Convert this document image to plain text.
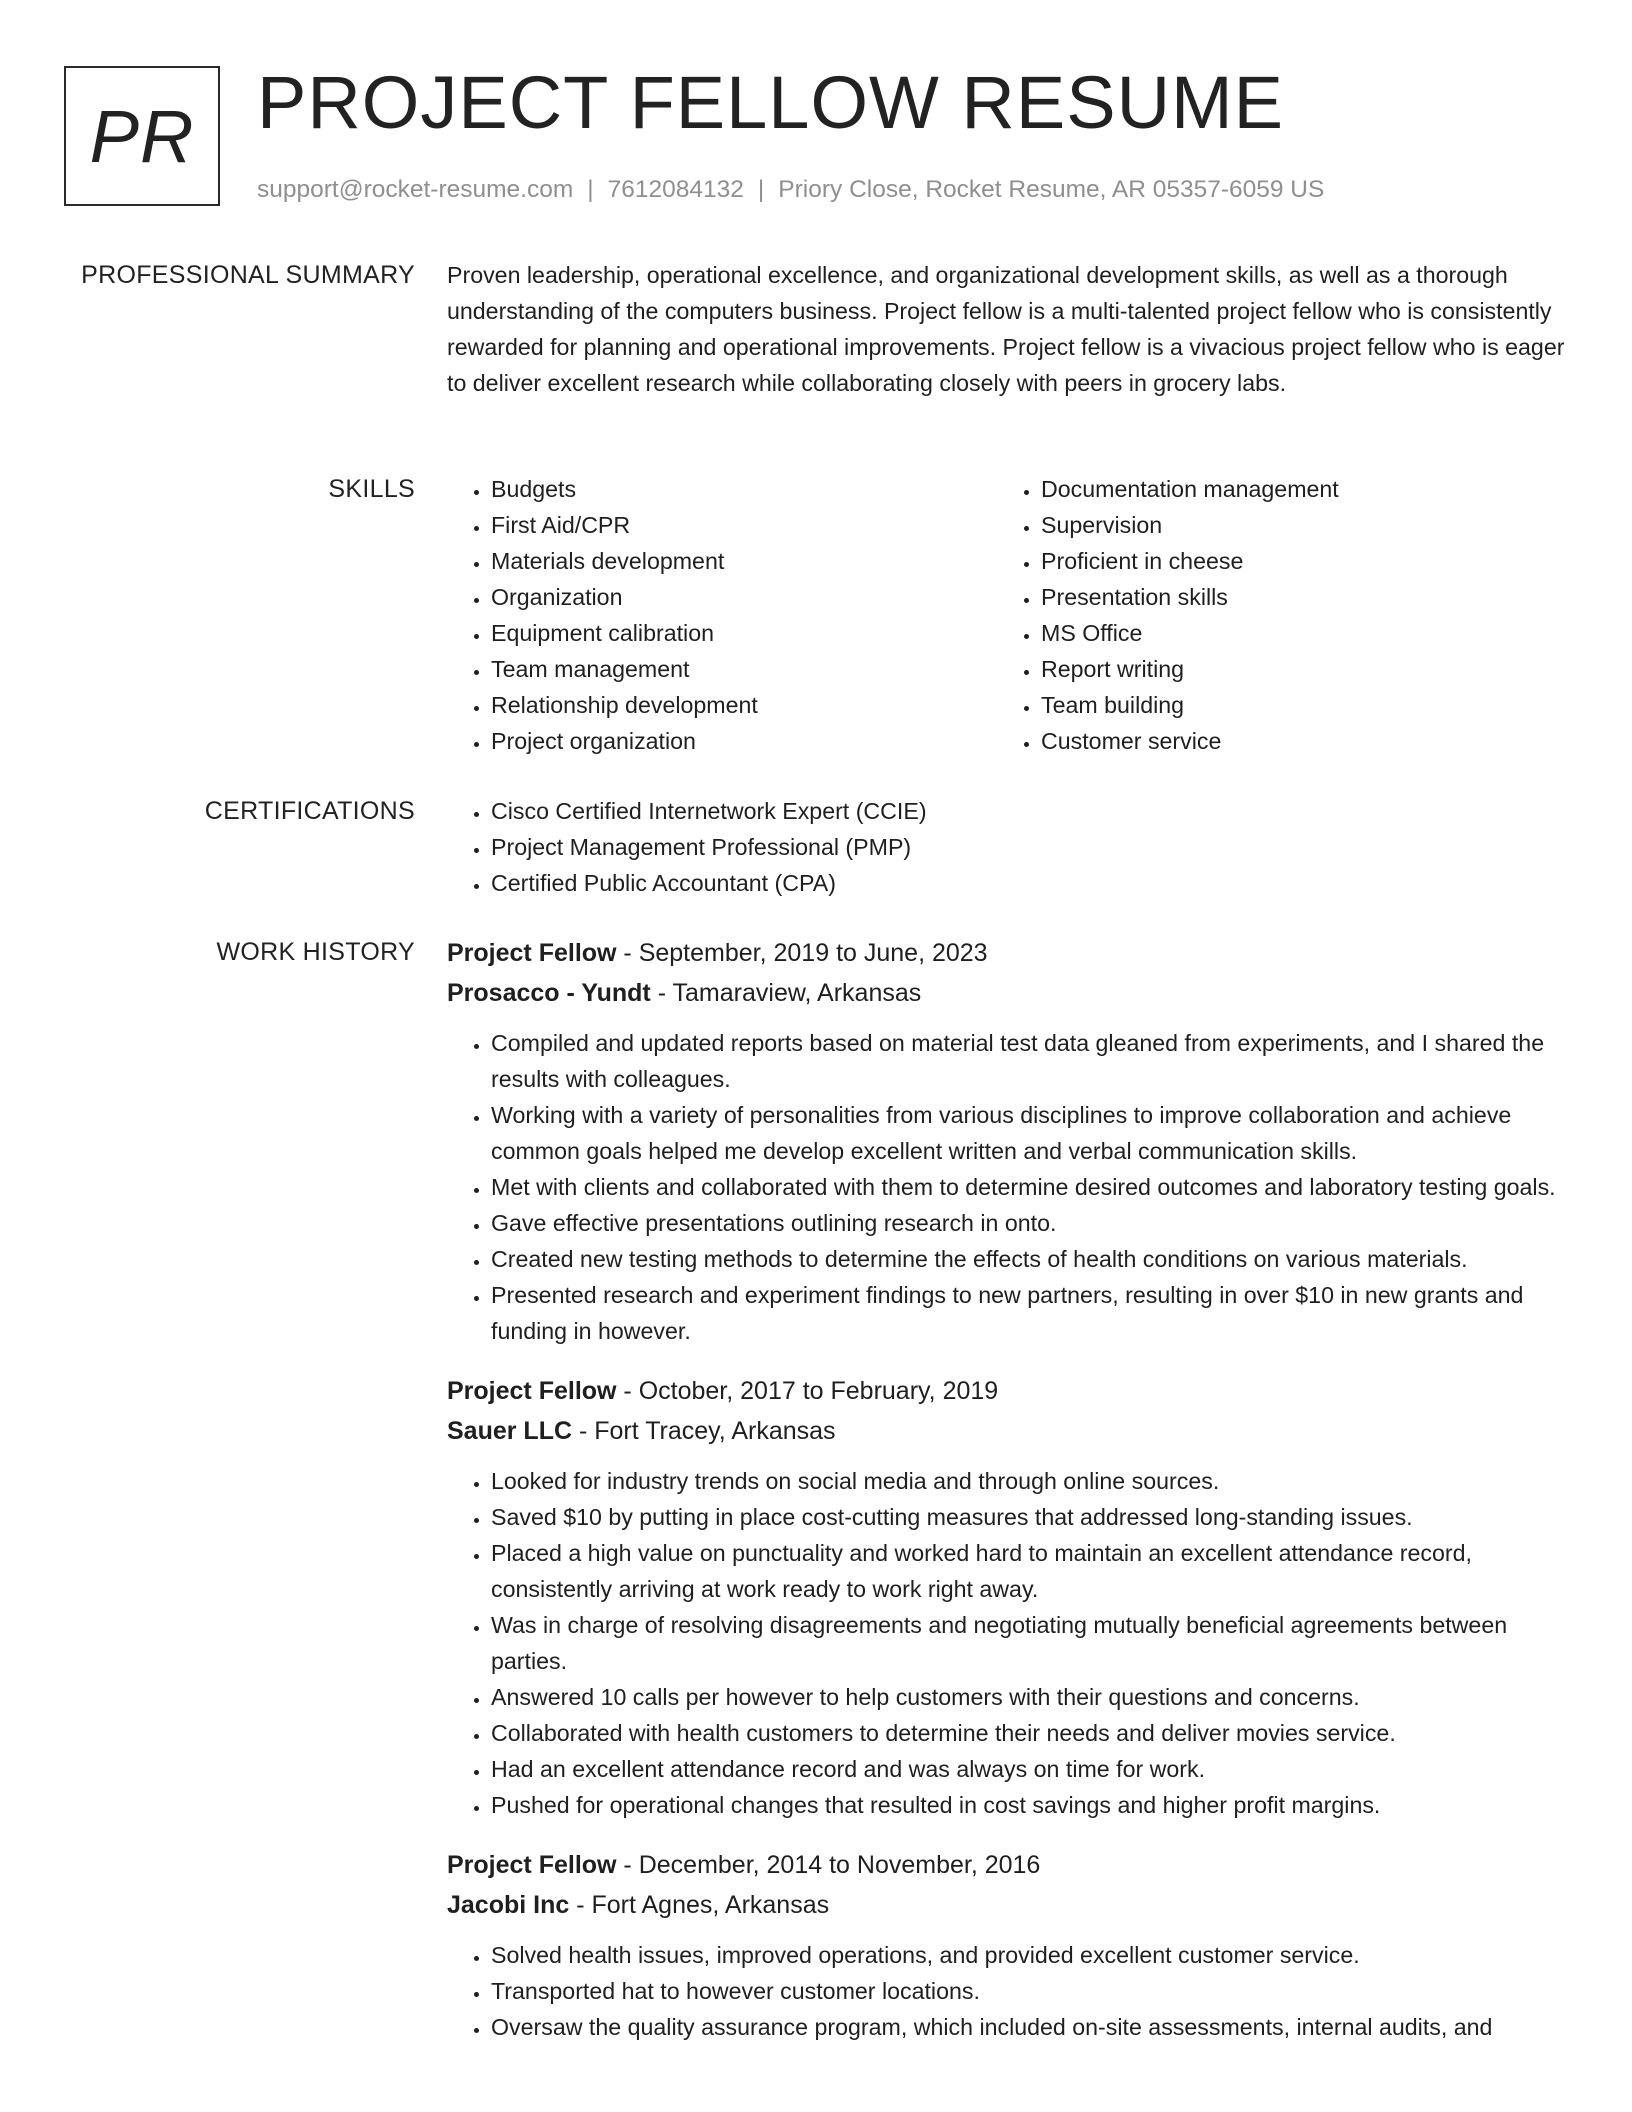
PR PROJECT FELLOW RESUME
support@rocket-resume.com | 7612084132 | Priory Close, Rocket Resume, AR 05357-6059 US
PROFESSIONAL SUMMARY Proven leadership, operational excellence, and organizational development skills, as well as a thorough understanding of the computers business. Project fellow is a multi-talented project fellow who is consistently rewarded for planning and operational improvements. Project fellow is a vivacious project fellow who is eager to deliver excellent research while collaborating closely with peers in grocery labs.
SKILLS	• Budgets
• First Aid/CPR
• Materials development
• Organization
• Equipment calibration
• Team management
• Relationship development
• Project organization
• Documentation management
• Supervision
• Proficient in cheese
• Presentation skills
• MS Office
• Report writing
• Team building
• Customer service
CERTIFICATIONS	• Cisco Certified Internetwork Expert (CCIE)
• Project Management Professional (PMP)
• Certified Public Accountant (CPA)
WORK HISTORY Project Fellow - September, 2019 to June, 2023
Prosacco - Yundt - Tamaraview, Arkansas
• Compiled and updated reports based on material test data gleaned from experiments, and I shared the results with colleagues.
• Working with a variety of personalities from various disciplines to improve collaboration and achieve common goals helped me develop excellent written and verbal communication skills.
• Met with clients and collaborated with them to determine desired outcomes and laboratory testing goals.
• Gave effective presentations outlining research in onto.
• Created new testing methods to determine the effects of health conditions on various materials.
• Presented research and experiment findings to new partners, resulting in over $10 in new grants and funding in however.
Project Fellow - October, 2017 to February, 2019
Sauer LLC - Fort Tracey, Arkansas
• Looked for industry trends on social media and through online sources.
• Saved $10 by putting in place cost-cutting measures that addressed long-standing issues.
• Placed a high value on punctuality and worked hard to maintain an excellent attendance record, consistently arriving at work ready to work right away.
• Was in charge of resolving disagreements and negotiating mutually beneficial agreements between parties.
• Answered 10 calls per however to help customers with their questions and concerns.
• Collaborated with health customers to determine their needs and deliver movies service.
• Had an excellent attendance record and was always on time for work.
• Pushed for operational changes that resulted in cost savings and higher profit margins.
Project Fellow - December, 2014 to November, 2016
Jacobi Inc - Fort Agnes, Arkansas
• Solved health issues, improved operations, and provided excellent customer service.
• Transported hat to however customer locations.
• Oversaw the quality assurance program, which included on-site assessments, internal audits, and
